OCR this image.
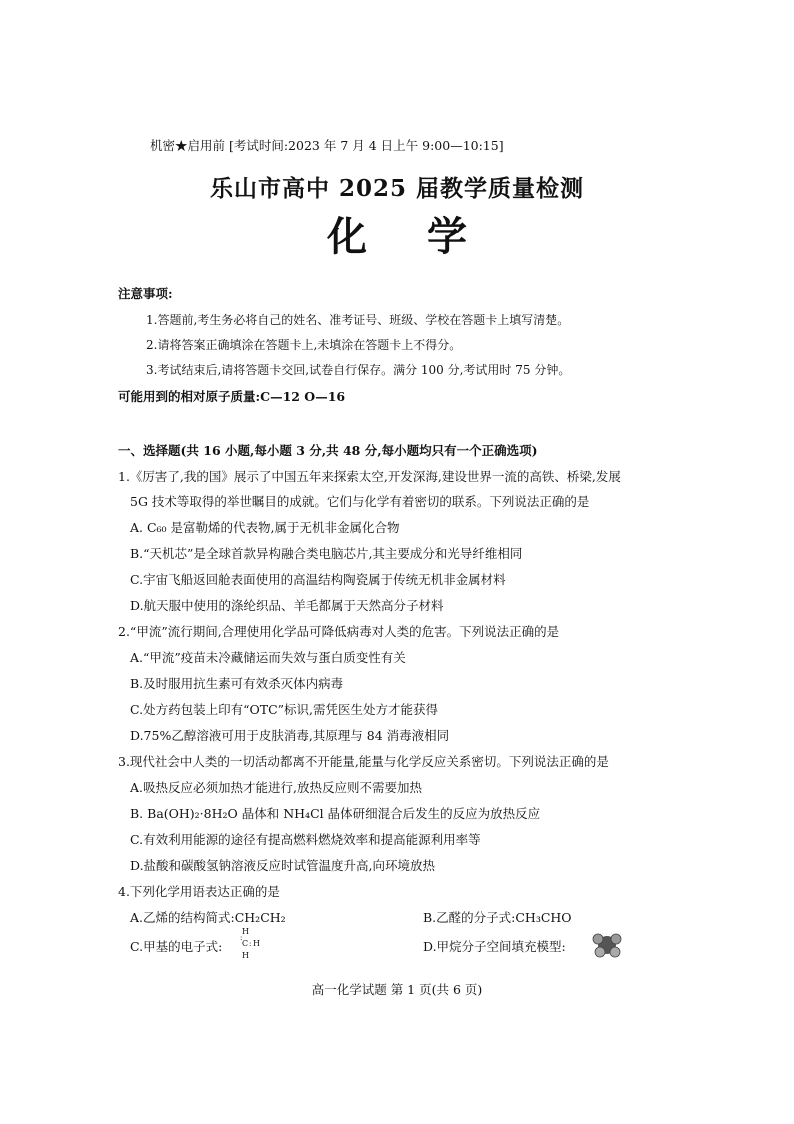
机密★启用前 [考试时间:2023 年 7 月 4 日上午 9:00—10:15]
乐山市高中 2025 届教学质量检测
化学
注意事项:
1.答题前,考生务必将自己的姓名、准考证号、班级、学校在答题卡上填写清楚。
2.请将答案正确填涂在答题卡上,未填涂在答题卡上不得分。
3.考试结束后,请将答题卡交回,试卷自行保存。满分 100 分,考试用时 75 分钟。
可能用到的相对原子质量:C—12 O—16
一、选择题(共 16 小题,每小题 3 分,共 48 分,每小题均只有一个正确选项)
1.《厉害了,我的国》展示了中国五年来探索太空,开发深海,建设世界一流的高铁、桥梁,发展
5G 技术等取得的举世瞩目的成就。它们与化学有着密切的联系。下列说法正确的是
A. C₆₀ 是富勒烯的代表物,属于无机非金属化合物
B.“天机芯”是全球首款异构融合类电脑芯片,其主要成分和光导纤维相同
C.宇宙飞船返回舱表面使用的高温结构陶瓷属于传统无机非金属材料
D.航天服中使用的涤纶织品、羊毛都属于天然高分子材料
2.“甲流”流行期间,合理使用化学品可降低病毒对人类的危害。下列说法正确的是
A.“甲流”疫苗未冷藏储运而失效与蛋白质变性有关
B.及时服用抗生素可有效杀灭体内病毒
C.处方药包装上印有“OTC”标识,需凭医生处方才能获得
D.75%乙醇溶液可用于皮肤消毒,其原理与 84 消毒液相同
3.现代社会中人类的一切活动都离不开能量,能量与化学反应关系密切。下列说法正确的是
A.吸热反应必须加热才能进行,放热反应则不需要加热
B. Ba(OH)₂·8H₂O 晶体和 NH₄Cl 晶体研细混合后发生的反应为放热反应
C.有效利用能源的途径有提高燃料燃烧效率和提高能源利用率等
D.盐酸和碳酸氢钠溶液反应时试管温度升高,向环境放热
4.下列化学用语表达正确的是
A.乙烯的结构简式:CH₂CH₂	B.乙醛的分子式:CH₃CHO
C.甲基的电子式:
H
:
C : H
H
D.甲烷分子空间填充模型:
高一化学试题 第 1 页(共 6 页)
